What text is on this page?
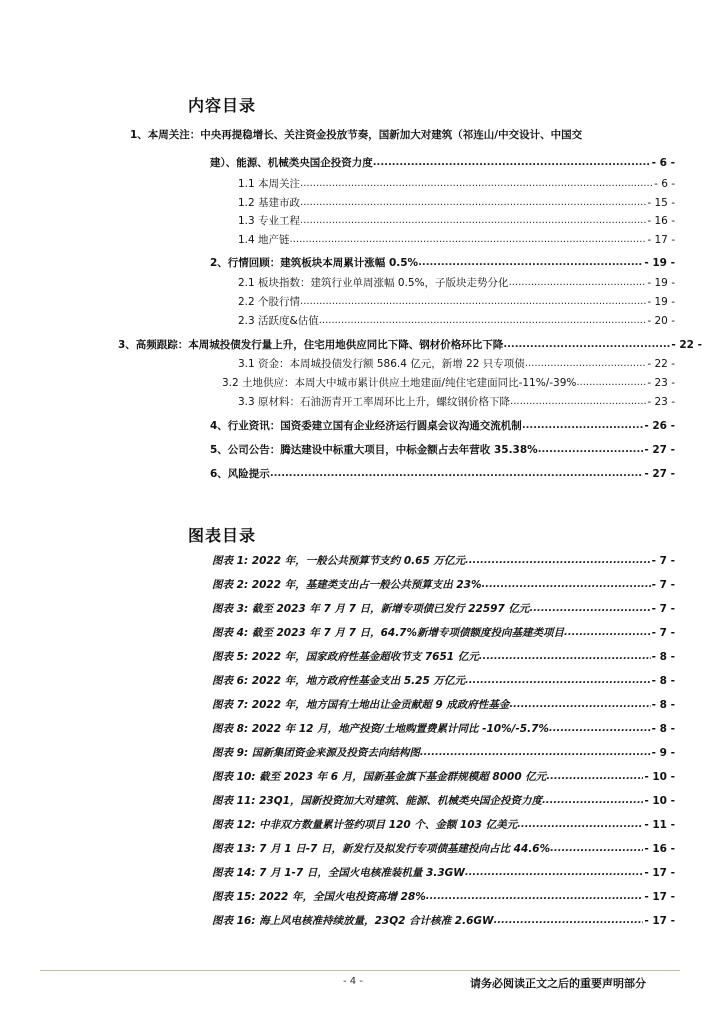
内容目录
1、本周关注：中央再提稳增长、关注资金投放节奏，国新加大对建筑（祁连山/中交设计、中国交
建）、能源、机械类央国企投资力度 .....	- 6 -
1.1 本周关注 .....	- 6 -
1.2 基建市政 .....	- 15 -
1.3 专业工程 .....	- 16 -
1.4 地产链 .....	- 17 -
2、行情回顾：建筑板块本周累计涨幅 0.5% .....	- 19 -
2.1 板块指数：建筑行业单周涨幅 0.5%，子版块走势分化 .....	- 19 -
2.2 个股行情 .....	- 19 -
2.3 活跃度&估值 .....	- 20 -
3、高频跟踪：本周城投债发行量上升，住宅用地供应同比下降、钢材价格环比下降 .....	- 22 -
3.1 资金：本周城投债发行额 586.4 亿元，新增 22 只专项债 .....	- 22 -
3.2 土地供应：本周大中城市累计供应土地建面/纯住宅建面同比-11%/-39% .....	- 23 -
3.3 原材料：石油沥青开工率周环比上升，螺纹钢价格下降 .....	- 23 -
4、行业资讯：国资委建立国有企业经济运行圆桌会议沟通交流机制 .....	- 26 -
5、公司公告：腾达建设中标重大项目，中标金额占去年营收 35.38% .....	- 27 -
6、风险提示 .....	- 27 -
图表目录
图表 1: 2022 年，一般公共预算节支约 0.65 万亿元 .....	- 7 -
图表 2: 2022 年，基建类支出占一般公共预算支出 23% .....	- 7 -
图表 3: 截至 2023 年 7 月 7 日，新增专项债已发行 22597 亿元 .....	- 7 -
图表 4: 截至 2023 年 7 月 7 日，64.7%新增专项债额度投向基建类项目 .....	- 7 -
图表 5: 2022 年，国家政府性基金超收节支 7651 亿元 .....	- 8 -
图表 6: 2022 年，地方政府性基金支出 5.25 万亿元 .....	- 8 -
图表 7: 2022 年，地方国有土地出让金贡献超 9 成政府性基金 .....	- 8 -
图表 8: 2022 年 12 月，地产投资/土地购置费累计同比 -10%/-5.7% .....	- 8 -
图表 9: 国新集团资金来源及投资去向结构图 .....	- 9 -
图表 10: 截至 2023 年 6 月，国新基金旗下基金群规模超 8000 亿元 .....	- 10 -
图表 11: 23Q1，国新投资加大对建筑、能源、机械类央国企投资力度 .....	- 10 -
图表 12: 中非双方数量累计签约项目 120 个、金额 103 亿美元 .....	- 11 -
图表 13: 7 月 1 日-7 日，新发行及拟发行专项债基建投向占比 44.6% .....	- 16 -
图表 14: 7 月 1-7 日，全国火电核准装机量 3.3GW .....	- 17 -
图表 15: 2022 年，全国火电投资高增 28% .....	- 17 -
图表 16: 海上风电核准持续放量，23Q2 合计核准 2.6GW .....	- 17 -
- 4 -	请务必阅读正文之后的重要声明部分
